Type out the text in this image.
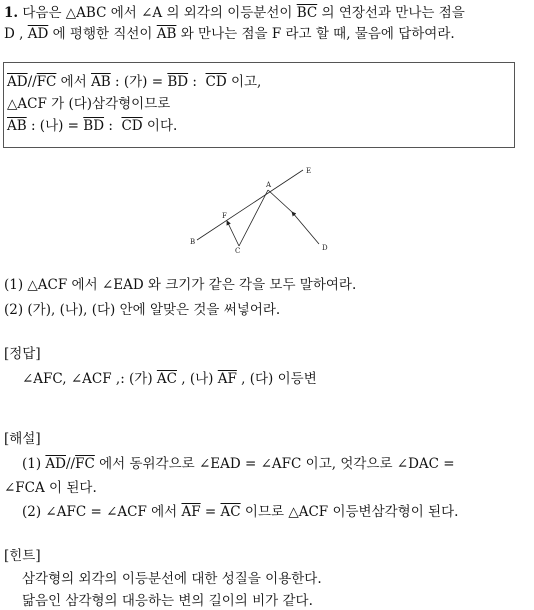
1. 다음은 △ABC 에서 ∠A 의 외각의 이등분선이 $\overline{BC}$ 의 연장선과 만나는 점을
D , $\overline{AD}$ 에 평행한 직선이 $\overline{AB}$ 와 만나는 점을 F 라고 할 때, 물음에 답하여라.
$\overline{AD}//\overline{FC}$ 에서 $\overline{AB}$ : (가) = $\overline{BD}$ :  $\overline{CD}$ 이고,
△ACF 가 (다)삼각형이므로
$\overline{AB}$ : (나) = $\overline{BD}$ :  $\overline{CD}$ 이다.
A
B
C	D
E
F
(1) △ACF 에서 ∠EAD 와 크기가 같은 각을 모두 말하여라.
(2) (가), (나), (다) 안에 알맞은 것을 써넣어라.
[정답]
∠AFC, ∠ACF ,: (가) $\overline{AC}$ , (나) $\overline{AF}$ , (다) 이등변
[해설]
(1) $\overline{AD}//\overline{FC}$ 에서 동위각으로 ∠EAD = ∠AFC 이고, 엇각으로 ∠DAC =
∠FCA 이 된다.
(2) ∠AFC = ∠ACF 에서 $\overline{AF} = \overline{AC}$ 이므로 △ACF 이등변삼각형이 된다.
[힌트]
삼각형의 외각의 이등분선에 대한 성질을 이용한다.
닮음인 삼각형의 대응하는 변의 길이의 비가 같다.
